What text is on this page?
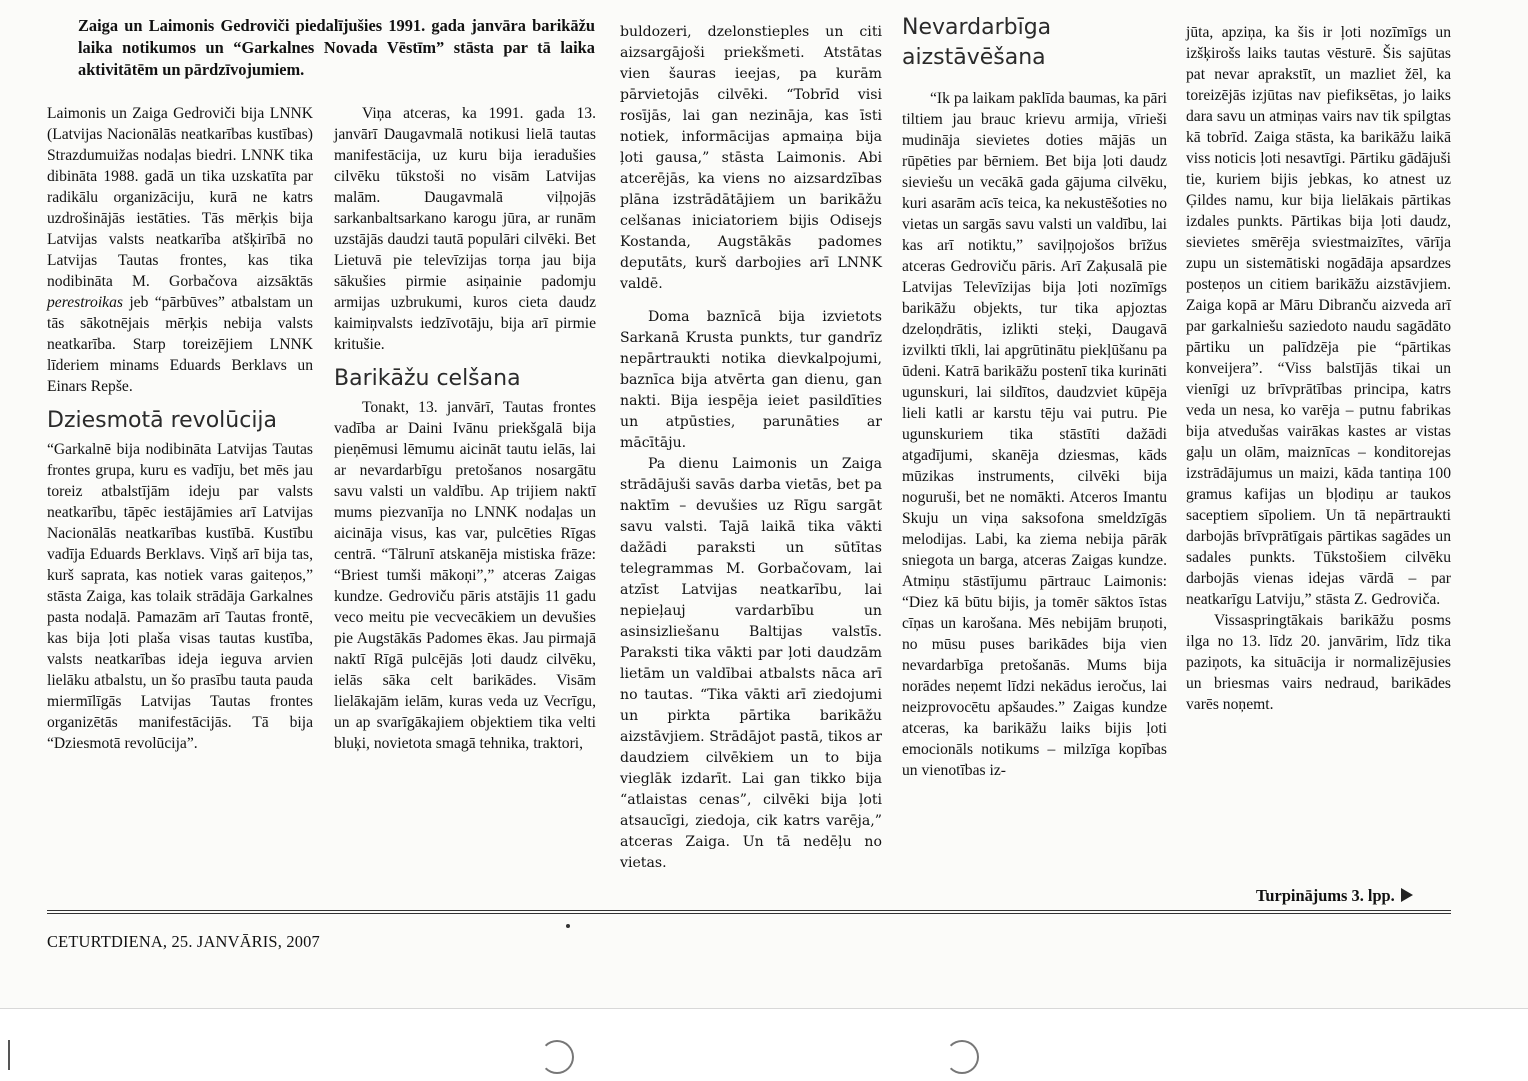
Zaiga un Laimonis Gedroviči piedalījušies 1991. gada janvāra barikāžu laika notikumos un “Garkalnes Novada Vēstīm” stāsta par tā laika aktivitātēm un pārdzīvojumiem.

Laimonis un Zaiga Gedroviči bija LNNK (Latvijas Nacionālās neatkarības kustības) Strazdumuižas nodaļas biedri. LNNK tika dibināta 1988. gadā un tika uzskatīta par radikālu organizāciju, kurā ne katrs uzdrošinājās iestāties. Tās mērķis bija Latvijas valsts neatkarība atšķirībā no Latvijas Tautas frontes, kas tika nodibināta M. Gorbačova aizsāktās perestroikas jeb “pārbūves” atbalstam un tās sākotnējais mērķis nebija valsts neatkarība. Starp toreizējiem LNNK līderiem minams Eduards Berklavs un Einars Repše.

Dziesmotā revolūcija

“Garkalnē bija nodibināta Latvijas Tautas frontes grupa, kuru es vadīju, bet mēs jau toreiz atbalstījām ideju par valsts neatkarību, tāpēc iestājāmies arī Latvijas Nacionālās neatkarības kustībā. Kustību vadīja Eduards Berklavs. Viņš arī bija tas, kurš saprata, kas notiek varas gaiteņos,” stāsta Zaiga, kas tolaik strādāja Garkalnes pasta nodaļā. Pamazām arī Tautas frontē, kas bija ļoti plaša visas tautas kustība, valsts neatkarības ideja ieguva arvien lielāku atbalstu, un šo prasību tauta pauda miermīlīgās Latvijas Tautas frontes organizētās manifestācijās. Tā bija “Dziesmotā revolūcija”.

Viņa atceras, ka 1991. gada 13. janvārī Daugavmalā notikusi lielā tautas manifestācija, uz kuru bija ieradušies cilvēku tūkstoši no visām Latvijas malām. Daugavmalā viļņojās sarkanbaltsarkano karogu jūra, ar runām uzstājās daudzi tautā populāri cilvēki. Bet Lietuvā pie televīzijas torņa jau bija sākušies pirmie asiņainie padomju armijas uzbrukumi, kuros cieta daudz kaimiņvalsts iedzīvotāju, bija arī pirmie kritušie.

Barikāžu celšana

Tonakt, 13. janvārī, Tautas frontes vadība ar Daini Ivānu priekšgalā bija pieņēmusi lēmumu aicināt tautu ielās, lai ar nevardarbīgu pretošanos nosargātu savu valsti un valdību. Ap trijiem naktī mums piezvanīja no LNNK nodaļas un aicināja visus, kas var, pulcēties Rīgas centrā. “Tālrunī atskanēja mistiska frāze: “Briest tumši mākoņi”,” atceras Zaigas kundze. Gedroviču pāris atstājis 11 gadu veco meitu pie vecvecākiem un devušies pie Augstākās Padomes ēkas. Jau pirmajā naktī Rīgā pulcējās ļoti daudz cilvēku, ielās sāka celt barikādes. Visām lielākajām ielām, kuras veda uz Vecrīgu, un ap svarīgākajiem objektiem tika velti bluķi, novietota smagā tehnika, traktori,

buldozeri, dzelonstieples un citi aizsargājoši priekšmeti. Atstātas vien šauras ieejas, pa kurām pārvietojās cilvēki. “Tobrīd visi rosījās, lai gan nezināja, kas īsti notiek, informācijas apmaiņa bija ļoti gausa,” stāsta Laimonis. Abi atcerējās, ka viens no aizsardzības plāna izstrādātājiem un barikāžu celšanas iniciatoriem bijis Odisejs Kostanda, Augstākās padomes deputāts, kurš darbojies arī LNNK valdē.

Doma baznīcā bija izvietots Sarkanā Krusta punkts, tur gandrīz nepārtraukti notika dievkalpojumi, baznīca bija atvērta gan dienu, gan nakti. Bija iespēja ieiet pasildīties un atpūsties, parunāties ar mācītāju.

Pa dienu Laimonis un Zaiga strādājuši savās darba vietās, bet pa naktīm – devušies uz Rīgu sargāt savu valsti. Tajā laikā tika vākti dažādi paraksti un sūtītas telegrammas M. Gorbačovam, lai atzīst Latvijas neatkarību, lai nepieļauj vardarbību un asinsizliešanu Baltijas valstīs. Paraksti tika vākti par ļoti daudzām lietām un valdībai atbalsts nāca arī no tautas. “Tika vākti arī ziedojumi un pirkta pārtika barikāžu aizstāvjiem. Strādājot pastā, tikos ar daudziem cilvēkiem un to bija vieglāk izdarīt. Lai gan tikko bija “atlaistas cenas”, cilvēki bija ļoti atsaucīgi, ziedoja, cik katrs varēja,” atceras Zaiga. Un tā nedēļu no vietas.

Nevardarbīga aizstāvēšana

“Ik pa laikam paklīda baumas, ka pāri tiltiem jau brauc krievu armija, vīrieši mudināja sievietes doties mājās un rūpēties par bērniem. Bet bija ļoti daudz sieviešu un vecākā gada gājuma cilvēku, kuri asarām acīs teica, ka nekustēšoties no vietas un sargās savu valsti un valdību, lai kas arī notiktu,” saviļņojošos brīžus atceras Gedroviču pāris. Arī Zaķusalā pie Latvijas Televīzijas bija ļoti nozīmīgs barikāžu objekts, tur tika apjoztas dzeloņdrātis, izlikti steķi, Daugavā izvilkti tīkli, lai apgrūtinātu piekļūšanu pa ūdeni. Katrā barikāžu postenī tika kurināti ugunskuri, lai sildītos, daudzviet kūpēja lieli katli ar karstu tēju vai putru. Pie ugunskuriem tika stāstīti dažādi atgadījumi, skanēja dziesmas, kāds mūzikas instruments, cilvēki bija noguruši, bet ne nomākti. Atceros Imantu Skuju un viņa saksofona smeldzīgās melodijas. Labi, ka ziema nebija pārāk sniegota un barga, atceras Zaigas kundze. Atmiņu stāstījumu pārtrauc Laimonis: “Diez kā būtu bijis, ja tomēr sāktos īstas cīņas un karošana. Mēs nebijām bruņoti, no mūsu puses barikādes bija vien nevardarbīga pretošanās. Mums bija norādes neņemt līdzi nekādus ieročus, lai neizprovocētu apšaudes.” Zaigas kundze atceras, ka barikāžu laiks bijis ļoti emocionāls notikums – milzīga kopības un vienotības iz-

jūta, apziņa, ka šis ir ļoti nozīmīgs un izšķirošs laiks tautas vēsturē. Šis sajūtas pat nevar aprakstīt, un mazliet žēl, ka toreizējās izjūtas nav piefiksētas, jo laiks dara savu un atmiņas vairs nav tik spilgtas kā tobrīd. Zaiga stāsta, ka barikāžu laikā viss noticis ļoti nesavtīgi. Pārtiku gādājuši tie, kuriem bijis jebkas, ko atnest uz Ģildes namu, kur bija lielākais pārtikas izdales punkts. Pārtikas bija ļoti daudz, sievietes smērēja sviestmaizītes, vārīja zupu un sistemātiski nogādāja apsardzes posteņos un citiem barikāžu aizstāvjiem. Zaiga kopā ar Māru Dibranču aizveda arī par garkalniešu saziedoto naudu sagādāto pārtiku un palīdzēja pie “pārtikas konveijera”. “Viss balstījās tikai un vienīgi uz brīvprātības principa, katrs veda un nesa, ko varēja – putnu fabrikas bija atvedušas vairākas kastes ar vistas gaļu un olām, maiznīcas – konditorejas izstrādājumus un maizi, kāda tantiņa 100 gramus kafijas un bļodiņu ar taukos saceptiem sīpoliem. Un tā nepārtraukti darbojās brīvprātīgais pārtikas sagādes un sadales punkts. Tūkstošiem cilvēku darbojās vienas idejas vārdā – par neatkarīgu Latviju,” stāsta Z. Gedroviča.

Vissaspringtākais barikāžu posms ilga no 13. līdz 20. janvārim, līdz tika paziņots, ka situācija ir normalizējusies un briesmas vairs nedraud, barikādes varēs noņemt.

Turpinājums 3. lpp.
CETURTDIENA, 25. JANVĀRIS, 2007
